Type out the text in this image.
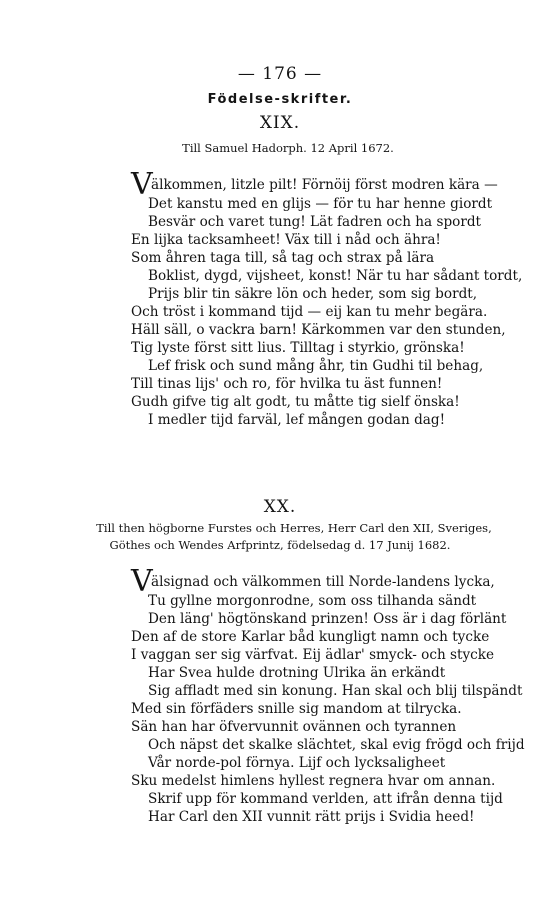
— 176 —
Födelse-skrifter.
XIX.
Till Samuel Hadorph. 12 April 1672.
V
älkommen, litzle pilt! Förnöij först modren kära —
Det kanstu med en glijs — för tu har henne giordt
Besvär och varet tung! Lät fadren och ha spordt
En lijka tacksamheet! Väx till i nåd och ähra!
Som åhren taga till, så tag och strax på lära
Boklist, dygd, vijsheet, konst! När tu har sådant tordt,
Prijs blir tin säkre lön och heder, som sig bordt,
Och tröst i kommand tijd — eij kan tu mehr begära.
Häll säll, o vackra barn! Kärkommen var den stunden,
Tig lyste först sitt lius. Tilltag i styrkio, grönska!
Lef frisk och sund mång åhr, tin Gudhi til behag,
Till tinas lijs' och ro, för hvilka tu äst funnen!
Gudh gifve tig alt godt, tu måtte tig sielf önska!
I medler tijd farväl, lef mången godan dag!
XX.
Till then högborne Furstes och Herres, Herr Carl den XII, Sveriges,
Göthes och Wendes Arfprintz, födelsedag d. 17 Junij 1682.
V
älsignad och välkommen till Norde-landens lycka,
Tu gyllne morgonrodne, som oss tilhanda sändt
Den läng' högtönskand prinzen! Oss är i dag förlänt
Den af de store Karlar båd kungligt namn och tycke
I vaggan ser sig värfvat. Eij ädlar' smyck- och stycke
Har Svea hulde drotning Ulrika än erkändt
Sig affladt med sin konung. Han skal och blij tilspändt
Med sin förfäders snille sig mandom at tilrycka.
Sän han har öfvervunnit ovännen och tyrannen
Och näpst det skalke slächtet, skal evig frögd och frijd
Vår norde-pol förnya. Lijf och lycksaligheet
Sku medelst himlens hyllest regnera hvar om annan.
Skrif upp för kommand verlden, att ifrån denna tijd
Har Carl den XII vunnit rätt prijs i Svidia heed!
